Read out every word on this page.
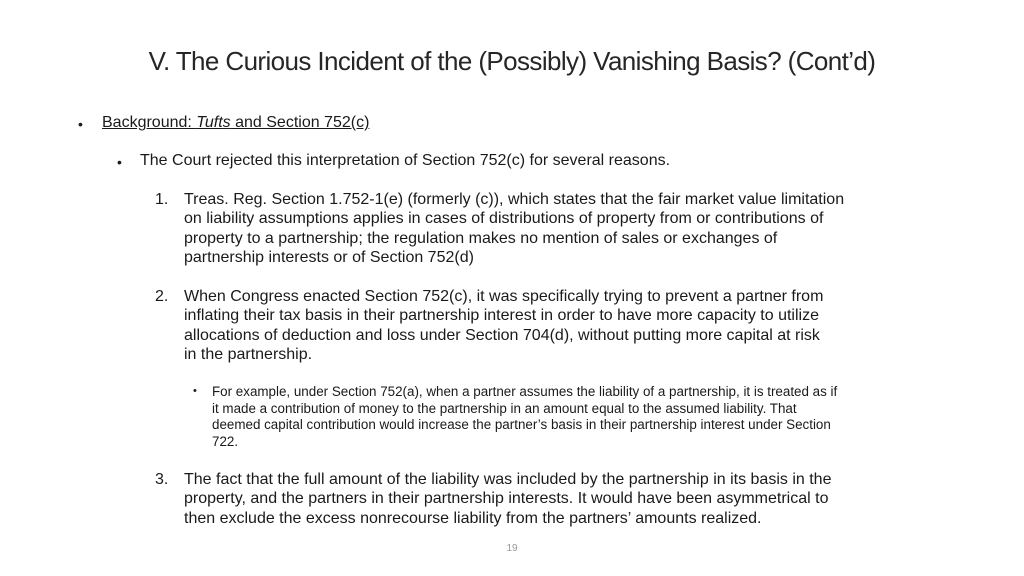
V. The Curious Incident of the (Possibly) Vanishing Basis? (Cont’d)
• Background: Tufts and Section 752(c)
• The Court rejected this interpretation of Section 752(c) for several reasons.
1. Treas. Reg. Section 1.752-1(e) (formerly (c)), which states that the fair market value limitation
on liability assumptions applies in cases of distributions of property from or contributions of
property to a partnership; the regulation makes no mention of sales or exchanges of
partnership interests or of Section 752(d)
2. When Congress enacted Section 752(c), it was specifically trying to prevent a partner from
inflating their tax basis in their partnership interest in order to have more capacity to utilize
allocations of deduction and loss under Section 704(d), without putting more capital at risk
in the partnership.
• For example, under Section 752(a), when a partner assumes the liability of a partnership, it is treated as if
it made a contribution of money to the partnership in an amount equal to the assumed liability. That
deemed capital contribution would increase the partner’s basis in their partnership interest under Section
722.
3. The fact that the full amount of the liability was included by the partnership in its basis in the
property, and the partners in their partnership interests. It would have been asymmetrical to
then exclude the excess nonrecourse liability from the partners’ amounts realized.
19
